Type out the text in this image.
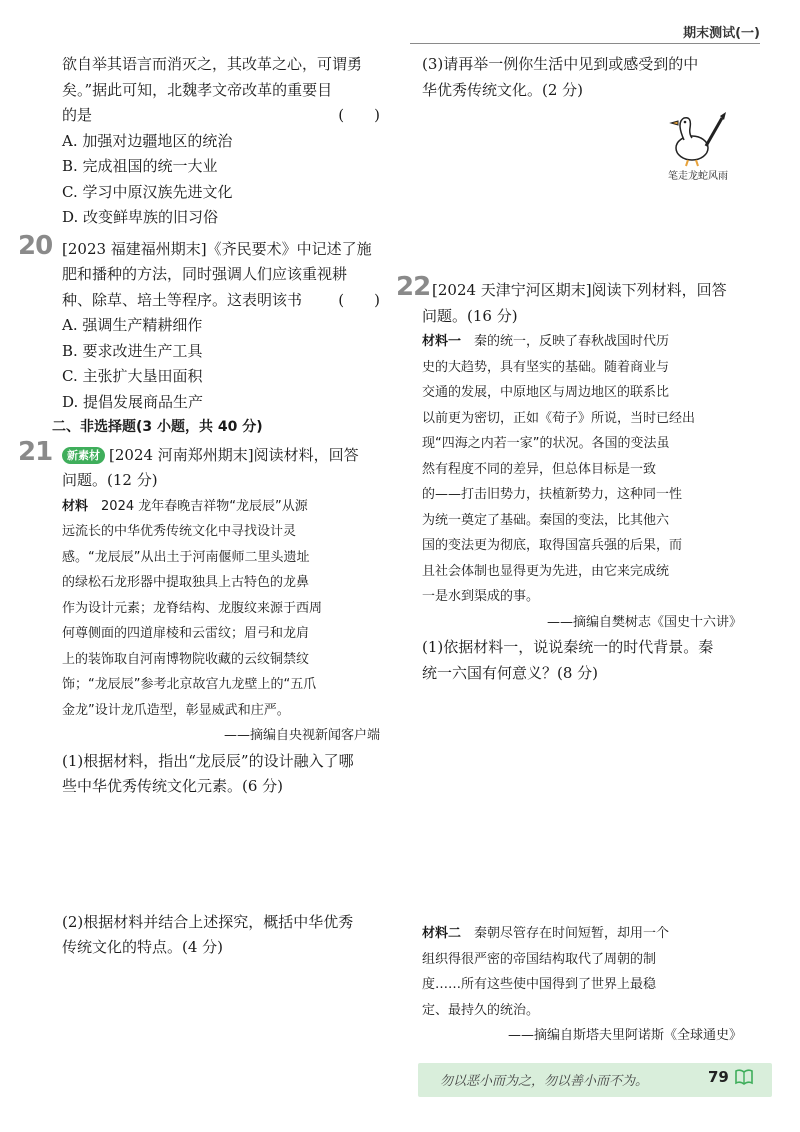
期末测试(一)

欲自举其语言而消灭之，其改革之心，可谓勇

矣。”据此可知，北魏孝文帝改革的重要目

的是	(　　)

A. 加强对边疆地区的统治

B. 完成祖国的统一大业

C. 学习中原汉族先进文化

D. 改变鲜卑族的旧习俗

20 [2023 福建福州期末]《齐民要术》中记述了施

肥和播种的方法，同时强调人们应该重视耕

种、除草、培土等程序。这表明该书 (　　)

A. 强调生产精耕细作

B. 要求改进生产工具

C. 主张扩大垦田面积

D. 提倡发展商品生产

二、非选择题(3 小题，共 40 分)

21	新素材 [2024 河南郑州期末]阅读材料，回答

问题。(12 分)

材料　 2024 龙年春晚吉祥物“龙辰辰”从源

远流长的中华优秀传统文化中寻找设计灵

感。“龙辰辰”从出土于河南偃师二里头遗址

的绿松石龙形器中提取独具上古特色的龙鼻

作为设计元素；龙脊结构、龙腹纹来源于西周

何尊侧面的四道扉棱和云雷纹；眉弓和龙肩

上的装饰取自河南博物院收藏的云纹铜禁纹

饰；“龙辰辰”参考北京故宫九龙壁上的“五爪

金龙”设计龙爪造型，彰显威武和庄严。

——摘编自央视新闻客户端

(1)根据材料，指出“龙辰辰”的设计融入了哪

些中华优秀传统文化元素。(6 分)

(2)根据材料并结合上述探究，概括中华优秀

传统文化的特点。(4 分)

(3)请再举一例你生活中见到或感受到的中

华优秀传统文化。(2 分)

22 [2024 天津宁河区期末]阅读下列材料，回答

问题。(16 分)

材料一　 秦的统一，反映了春秋战国时代历

史的大趋势，具有坚实的基础。随着商业与

交通的发展，中原地区与周边地区的联系比

以前更为密切，正如《荀子》所说，当时已经出

现“四海之内若一家”的状况。各国的变法虽

然有程度不同的差异，但总体目标是一致

的——打击旧势力，扶植新势力，这种同一性

为统一奠定了基础。秦国的变法，比其他六

国的变法更为彻底，取得国富兵强的后果，而

且社会体制也显得更为先进，由它来完成统

一是水到渠成的事。

——摘编自樊树志《国史十六讲》

(1)依据材料一，说说秦统一的时代背景。秦

统一六国有何意义？(8 分)

材料二　 秦朝尽管存在时间短暂，却用一个

组织得很严密的帝国结构取代了周朝的制

度……所有这些使中国得到了世界上最稳

定、最持久的统治。

——摘编自斯塔夫里阿诺斯《全球通史》

笔走龙蛇风雨
勿以恶小而为之，勿以善小而不为。	79
